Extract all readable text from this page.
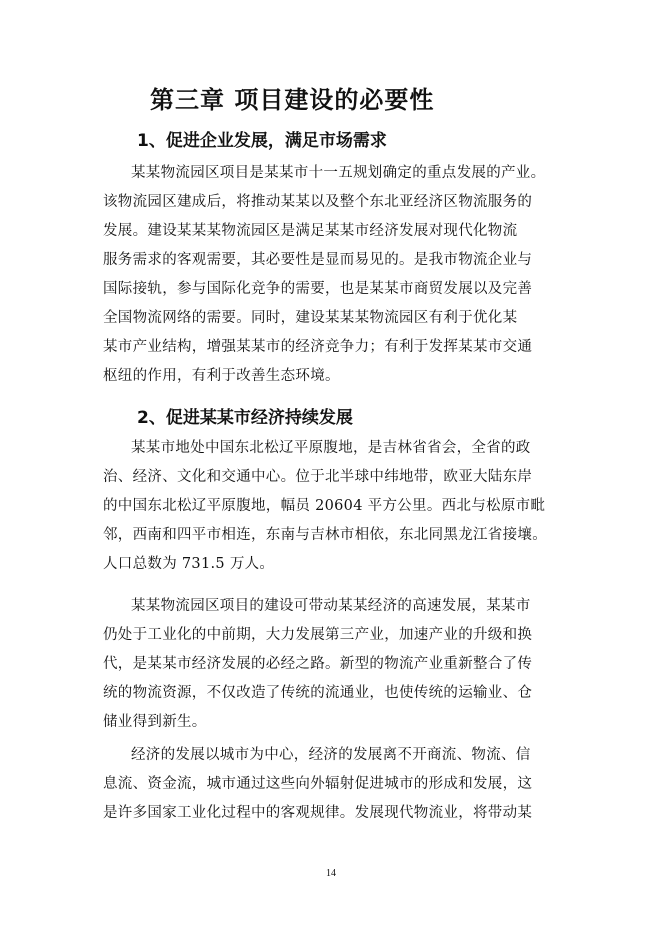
第三章 项目建设的必要性
1、促进企业发展，满足市场需求
某某物流园区项目是某某市十一五规划确定的重点发展的产业。
该物流园区建成后，将推动某某以及整个东北亚经济区物流服务的
发展。建设某某某物流园区是满足某某市经济发展对现代化物流
服务需求的客观需要，其必要性是显而易见的。是我市物流企业与
国际接轨，参与国际化竞争的需要，也是某某市商贸发展以及完善
全国物流网络的需要。同时，建设某某某物流园区有利于优化某
某市产业结构，增强某某市的经济竞争力；有利于发挥某某市交通
枢纽的作用，有利于改善生态环境。
2、促进某某市经济持续发展
某某市地处中国东北松辽平原腹地，是吉林省省会，全省的政
治、经济、文化和交通中心。位于北半球中纬地带，欧亚大陆东岸
的中国东北松辽平原腹地，幅员 20604 平方公里。西北与松原市毗
邻，西南和四平市相连，东南与吉林市相依，东北同黑龙江省接壤。
人口总数为 731.5 万人。
某某物流园区项目的建设可带动某某经济的高速发展，某某市
仍处于工业化的中前期，大力发展第三产业，加速产业的升级和换
代，是某某市经济发展的必经之路。新型的物流产业重新整合了传
统的物流资源，不仅改造了传统的流通业，也使传统的运输业、仓
储业得到新生。
经济的发展以城市为中心，经济的发展离不开商流、物流、信
息流、资金流，城市通过这些向外辐射促进城市的形成和发展，这
是许多国家工业化过程中的客观规律。发展现代物流业，将带动某
14
